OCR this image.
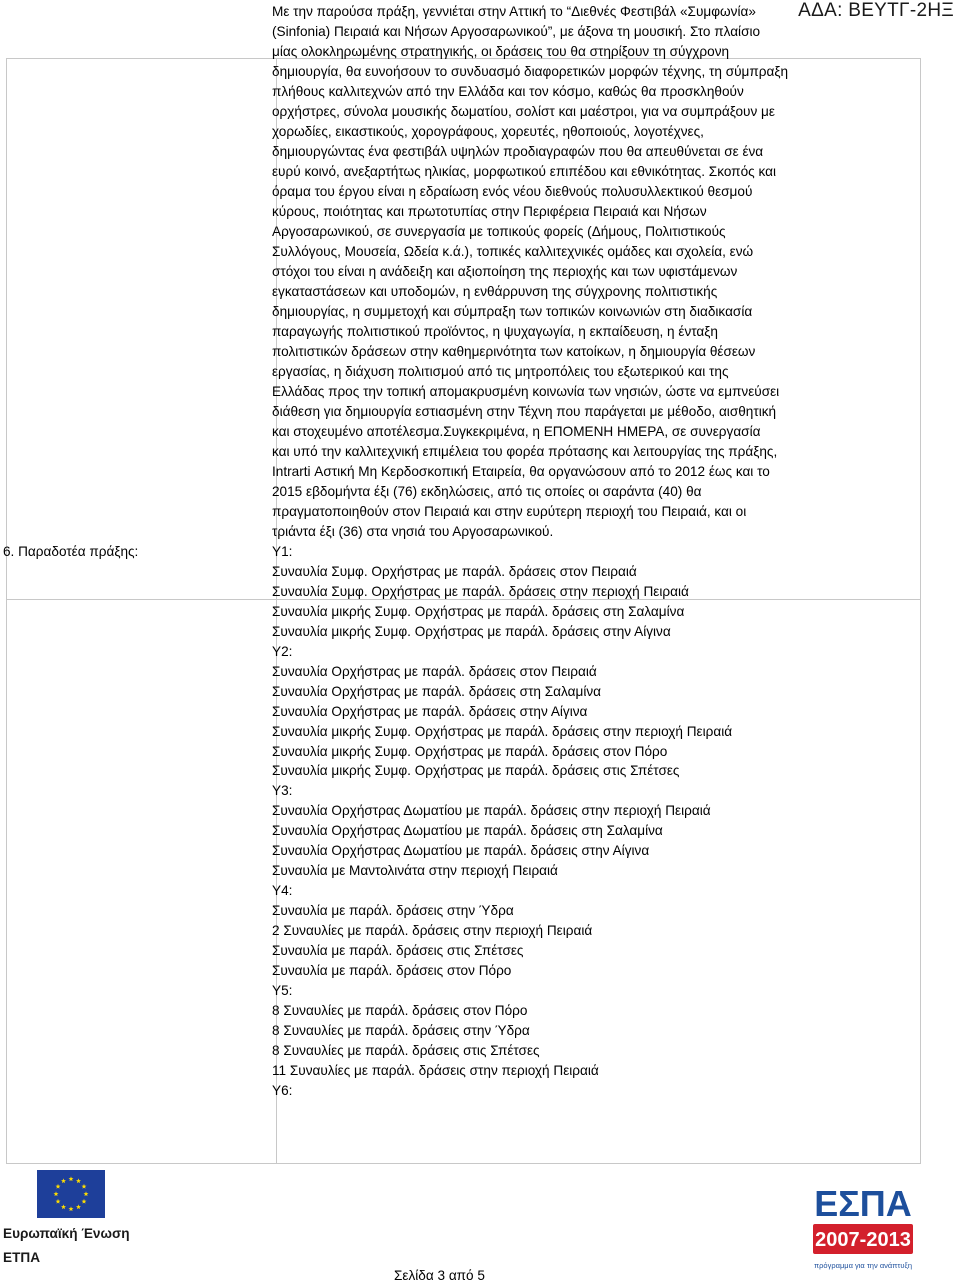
ΑΔΑ: ΒΕΥΤΓ-2ΗΞ
Με την παρούσα πράξη, γεννιέται στην Αττική το “Διεθνές Φεστιβάλ «Συμφωνία»
(Sinfonia) Πειραιά και Νήσων Αργοσαρωνικού”, με άξονα τη μουσική. Στο πλαίσιο
μίας ολοκληρωμένης στρατηγικής, οι δράσεις του θα στηρίξουν τη σύγχρονη
δημιουργία, θα ευνοήσουν το συνδυασμό διαφορετικών μορφών τέχνης, τη σύμπραξη
πλήθους καλλιτεχνών από την Ελλάδα και τον κόσμο, καθώς θα προσκληθούν
ορχήστρες, σύνολα μουσικής δωματίου, σολίστ και μαέστροι, για να συμπράξουν με
χορωδίες, εικαστικούς, χορογράφους, χορευτές, ηθοποιούς, λογοτέχνες,
δημιουργώντας ένα φεστιβάλ υψηλών προδιαγραφών που θα απευθύνεται σε ένα
ευρύ κοινό, ανεξαρτήτως ηλικίας, μορφωτικού επιπέδου και εθνικότητας. Σκοπός και
όραμα του έργου είναι η εδραίωση ενός νέου διεθνούς πολυσυλλεκτικού θεσμού
κύρους, ποιότητας και πρωτοτυπίας στην Περιφέρεια Πειραιά και Νήσων
Αργοσαρωνικού, σε συνεργασία με τοπικούς φορείς (Δήμους, Πολιτιστικούς
Συλλόγους, Μουσεία, Ωδεία κ.ά.), τοπικές καλλιτεχνικές ομάδες και σχολεία, ενώ
στόχοι του είναι η ανάδειξη και αξιοποίηση της περιοχής και των υφιστάμενων
εγκαταστάσεων και υποδομών, η ενθάρρυνση της σύγχρονης πολιτιστικής
δημιουργίας, η συμμετοχή και σύμπραξη των τοπικών κοινωνιών στη διαδικασία
παραγωγής πολιτιστικού προϊόντος, η ψυχαγωγία, η εκπαίδευση, η ένταξη
πολιτιστικών δράσεων στην καθημερινότητα των κατοίκων, η δημιουργία θέσεων
εργασίας, η διάχυση πολιτισμού από τις μητροπόλεις του εξωτερικού και της
Ελλάδας προς την τοπική απομακρυσμένη κοινωνία των νησιών, ώστε να εμπνεύσει
διάθεση για δημιουργία εστιασμένη στην Τέχνη που παράγεται με μέθοδο, αισθητική
και στοχευμένο αποτέλεσμα.Συγκεκριμένα, η ΕΠΟΜΕΝΗ ΗΜΕΡΑ, σε συνεργασία
και υπό την καλλιτεχνική επιμέλεια του φορέα πρότασης και λειτουργίας της πράξης,
Intrarti Αστική Μη Κερδοσκοπική Εταιρεία, θα οργανώσουν από το 2012 έως και το
2015 εβδομήντα έξι (76) εκδηλώσεις, από τις οποίες οι σαράντα (40) θα
πραγματοποιηθούν στον Πειραιά και στην ευρύτερη περιοχή του Πειραιά, και οι
τριάντα έξι (36) στα νησιά του Αργοσαρωνικού.
6. Παραδοτέα πράξης:	Υ1:
Συναυλία Συμφ. Ορχήστρας με παράλ. δράσεις στον Πειραιά
Συναυλία Συμφ. Ορχήστρας με παράλ. δράσεις στην περιοχή Πειραιά
Συναυλία μικρής Συμφ. Ορχήστρας με παράλ. δράσεις στη Σαλαμίνα
Συναυλία μικρής Συμφ. Ορχήστρας με παράλ. δράσεις στην Αίγινα
Υ2:
Συναυλία Ορχήστρας με παράλ. δράσεις στον Πειραιά
Συναυλία Ορχήστρας με παράλ. δράσεις στη Σαλαμίνα
Συναυλία Ορχήστρας με παράλ. δράσεις στην Αίγινα
Συναυλία μικρής Συμφ. Ορχήστρας με παράλ. δράσεις στην περιοχή Πειραιά
Συναυλία μικρής Συμφ. Ορχήστρας με παράλ. δράσεις στον Πόρο
Συναυλία μικρής Συμφ. Ορχήστρας με παράλ. δράσεις στις Σπέτσες
Υ3:
Συναυλία Ορχήστρας Δωματίου με παράλ. δράσεις στην περιοχή Πειραιά
Συναυλία Ορχήστρας Δωματίου με παράλ. δράσεις στη Σαλαμίνα
Συναυλία Ορχήστρας Δωματίου με παράλ. δράσεις στην Αίγινα
Συναυλία με Μαντολινάτα στην περιοχή Πειραιά
Υ4:
Συναυλία με παράλ. δράσεις στην Ύδρα
2 Συναυλίες με παράλ. δράσεις στην περιοχή Πειραιά
Συναυλία με παράλ. δράσεις στις Σπέτσες
Συναυλία με παράλ. δράσεις στον Πόρο
Υ5:
8 Συναυλίες με παράλ. δράσεις στον Πόρο
8 Συναυλίες με παράλ. δράσεις στην Ύδρα
8 Συναυλίες με παράλ. δράσεις στις Σπέτσες
11 Συναυλίες με παράλ. δράσεις στην περιοχή Πειραιά
Υ6:
Ευρωπαϊκή Ένωση
ΕΤΠΑ
Σελίδα 3 από 5
ΕΣΠΑ
2007-2013
πρόγραμμα για την ανάπτυξη
